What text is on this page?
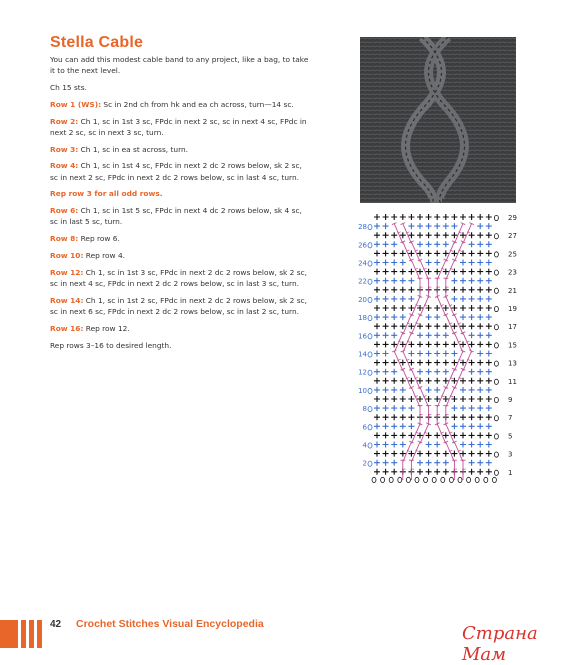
Stella Cable

You can add this modest cable band to any project, like a bag, to take it to the next level.

Ch 15 sts.

Row 1 (WS): Sc in 2nd ch from hk and ea ch across, turn—14 sc.

Row 2: Ch 1, sc in 1st 3 sc, FPdc in next 2 sc, sc in next 4 sc, FPdc in next 2 sc, sc in next 3 sc, turn.

Row 3: Ch 1, sc in ea st across, turn.

Row 4: Ch 1, sc in 1st 4 sc, FPdc in next 2 dc 2 rows below, sk 2 sc, sc in next 2 sc, FPdc in next 2 dc 2 rows below, sc in last 4 sc, turn.

Rep row 3 for all odd rows.

Row 6: Ch 1, sc in 1st 5 sc, FPdc in next 4 dc 2 rows below, sk 4 sc, sc in last 5 sc, turn.

Row 8: Rep row 6.

Row 10: Rep row 4.

Row 12: Ch 1, sc in 1st 3 sc, FPdc in next 2 dc 2 rows below, sk 2 sc, sc in next 4 sc, FPdc in next 2 dc 2 rows below, sc in last 3 sc, turn.

Row 14: Ch 1, sc in 1st 2 sc, FPdc in next 2 dc 2 rows below, sk 2 sc, sc in next 6 sc, FPdc in next 2 dc 2 rows below, sc in last 2 sc, turn.

Row 16: Rep row 12.

Rep rows 3–16 to desired length.

28
26
24
22
20
18
16
14
12
10
8
6
4
2
29
27
25
23
21
19
17
15
13
11
9
7
5
3
1
42 Crochet Stitches Visual Encyclopedia	Страна Мам
